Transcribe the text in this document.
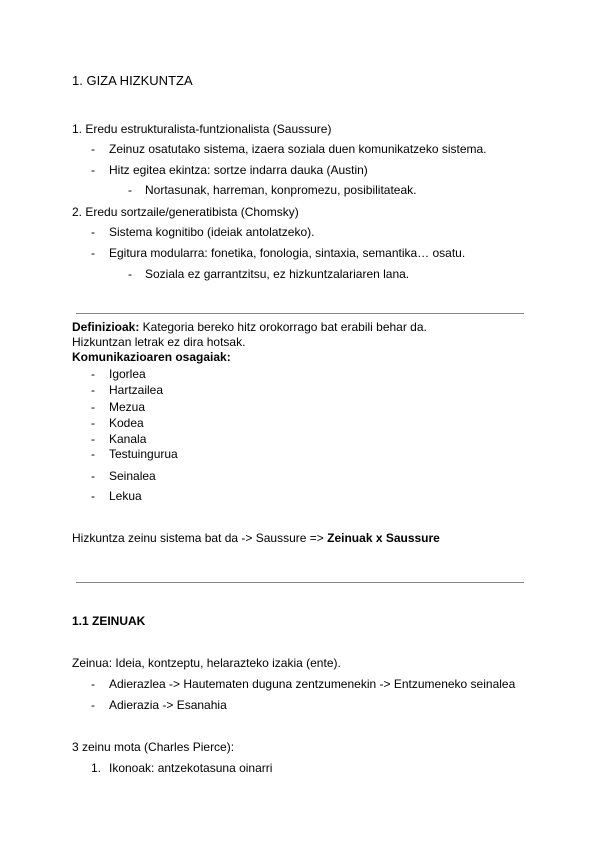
1. GIZA HIZKUNTZA
1. Eredu estrukturalista-funtzionalista (Saussure)
- Zeinuz osatutako sistema, izaera soziala duen komunikatzeko sistema.
- Hitz egitea ekintza: sortze indarra dauka (Austin)
- Nortasunak, harreman, konpromezu, posibilitateak.
2. Eredu sortzaile/generatibista (Chomsky)
- Sistema kognitibo (ideiak antolatzeko).
- Egitura modularra: fonetika, fonologia, sintaxia, semantika… osatu.
- Soziala ez garrantzitsu, ez hizkuntzalariaren lana.
Definizioak: Kategoria bereko hitz orokorrago bat erabili behar da.
Hizkuntzan letrak ez dira hotsak.
Komunikazioaren osagaiak:
- Igorlea
- Hartzailea
- Mezua
- Kodea
- Kanala
- Testuingurua
- Seinalea
- Lekua
Hizkuntza zeinu sistema bat da -> Saussure => Zeinuak x Saussure
1.1 ZEINUAK
Zeinua: Ideia, kontzeptu, helarazteko izakia (ente).
- Adierazlea -> Hautematen duguna zentzumenekin -> Entzumeneko seinalea
- Adierazia -> Esanahia
3 zeinu mota (Charles Pierce):
1. Ikonoak: antzekotasuna oinarri
